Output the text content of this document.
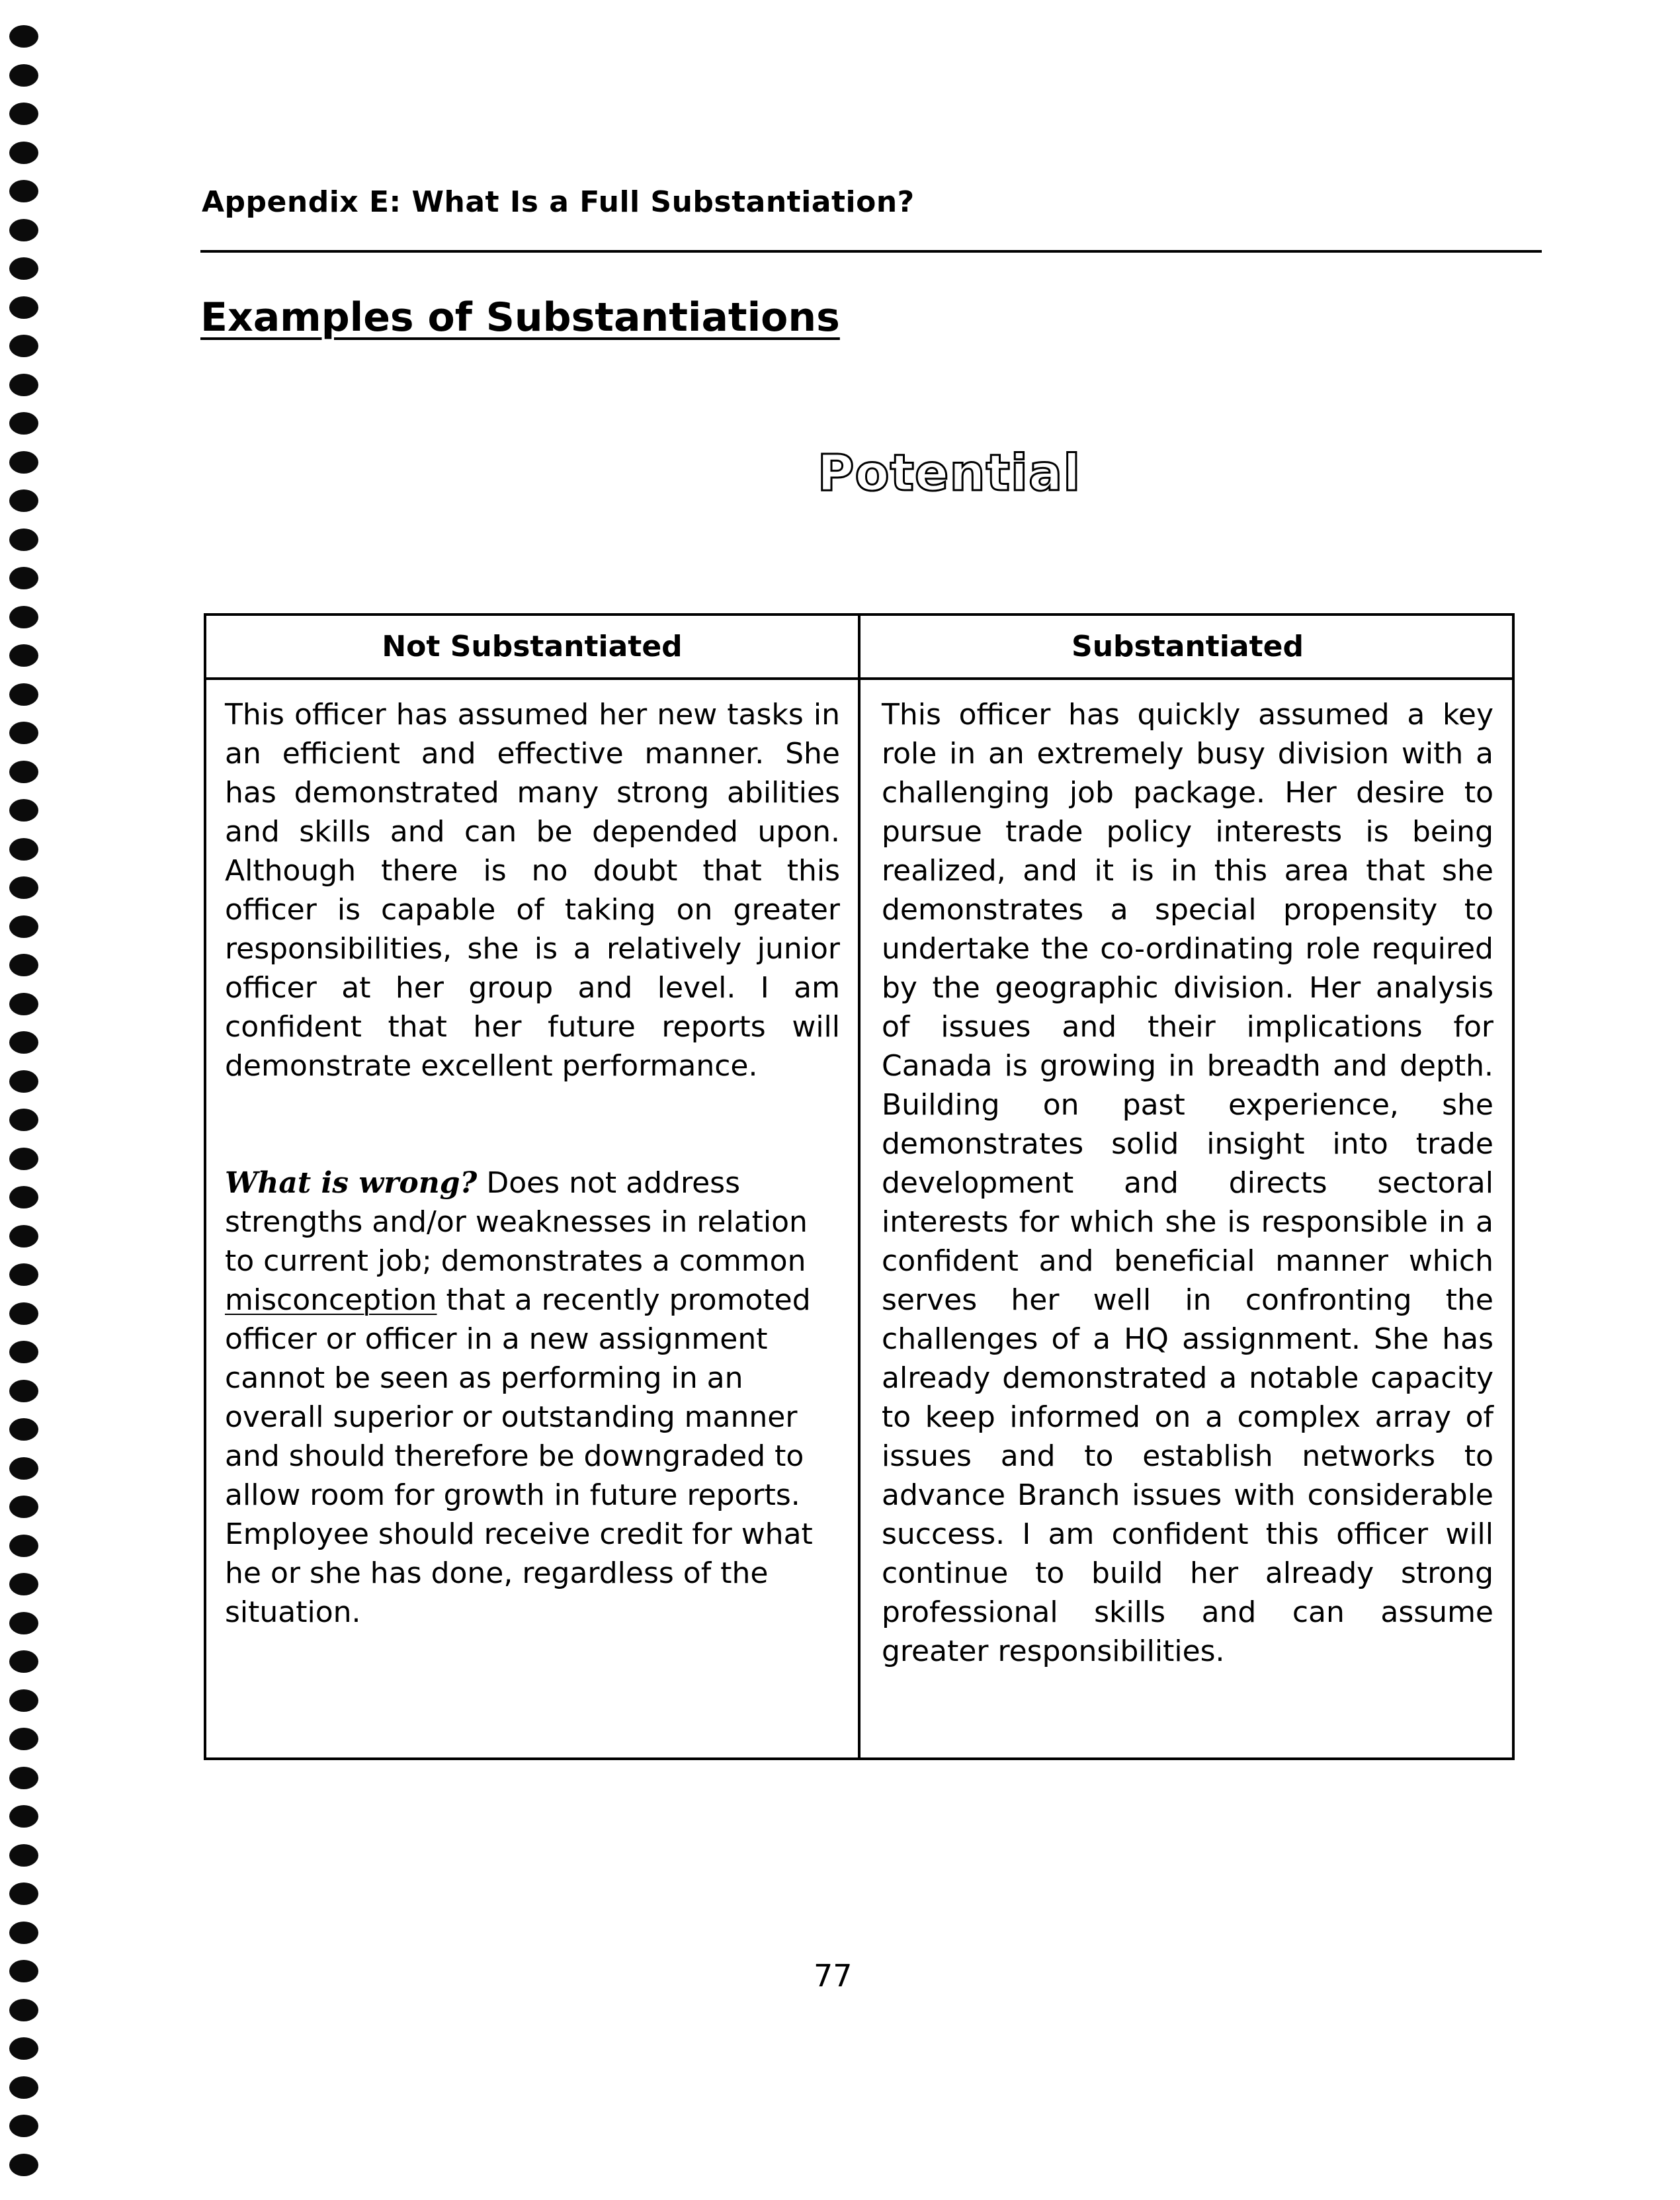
Appendix E: What Is a Full Substantiation?
Examples of Substantiations
Potential
Not Substantiated	Substantiated
This officer has assumed her new tasks in an efficient and effective manner. She has demonstrated many strong abilities and skills and can be depended upon. Although there is no doubt that this officer is capable of taking on greater responsibilities, she is a relatively junior officer at her group and level. I am confident that her future reports will demonstrate excellent performance.
What is wrong? Does not address strengths and/or weaknesses in relation to current job; demonstrates a common misconception that a recently promoted officer or officer in a new assignment cannot be seen as performing in an overall superior or outstanding manner and should therefore be downgraded to allow room for growth in future reports. Employee should receive credit for what he or she has done, regardless of the situation.
This officer has quickly assumed a key role in an extremely busy division with a challenging job package. Her desire to pursue trade policy interests is being realized, and it is in this area that she demonstrates a special propensity to undertake the co-ordinating role required by the geographic division. Her analysis of issues and their implications for Canada is growing in breadth and depth. Building on past experience, she demonstrates solid insight into trade development and directs sectoral interests for which she is responsible in a confident and beneficial manner which serves her well in confronting the challenges of a HQ assignment. She has already demonstrated a notable capacity to keep informed on a complex array of issues and to establish networks to advance Branch issues with considerable success. I am confident this officer will continue to build her already strong professional skills and can assume greater responsibilities.
77
